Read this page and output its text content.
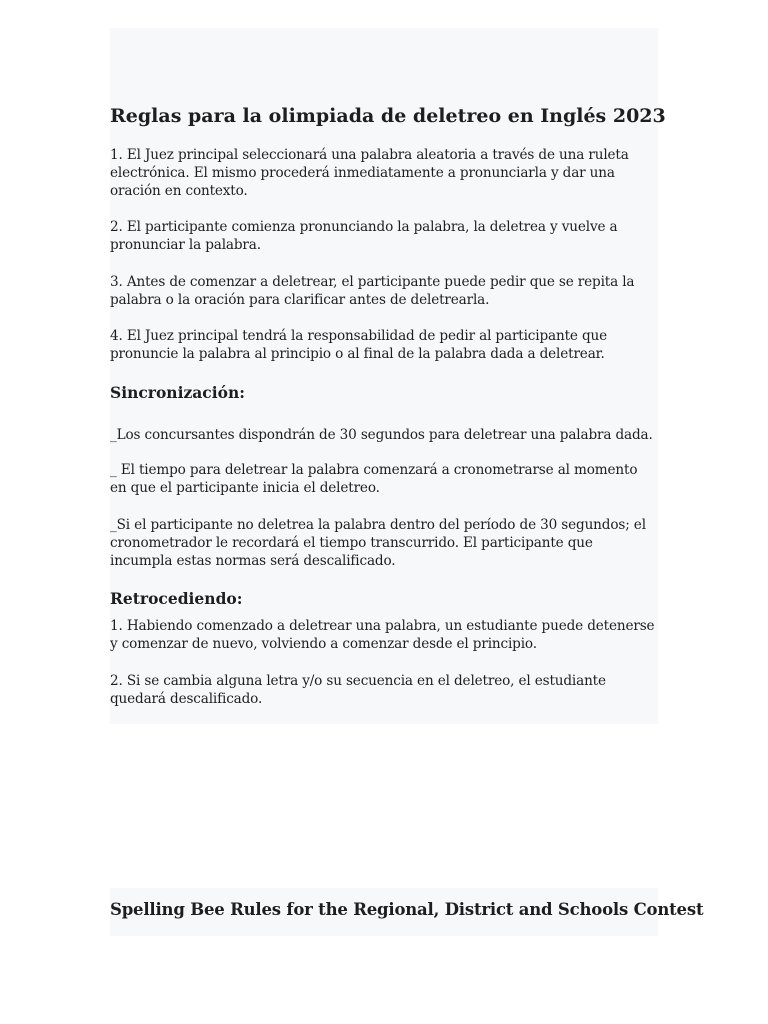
Reglas para la olimpiada de deletreo en Inglés 2023

1. El Juez principal seleccionará una palabra aleatoria a través de una ruleta electrónica. El mismo procederá inmediatamente a pronunciarla y dar una oración en contexto.

2. El participante comienza pronunciando la palabra, la deletrea y vuelve a pronunciar la palabra.

3. Antes de comenzar a deletrear, el participante puede pedir que se repita la palabra o la oración para clarificar antes de deletrearla.

4. El Juez principal tendrá la responsabilidad de pedir al participante que pronuncie la palabra al principio o al final de la palabra dada a deletrear.

Sincronización:

_Los concursantes dispondrán de 30 segundos para deletrear una palabra dada.

_ El tiempo para deletrear la palabra comenzará a cronometrarse al momento en que el participante inicia el deletreo.

_Si el participante no deletrea la palabra dentro del período de 30 segundos; el cronometrador le recordará el tiempo transcurrido. El participante que incumpla estas normas será descalificado.

Retrocediendo:

1. Habiendo comenzado a deletrear una palabra, un estudiante puede detenerse y comenzar de nuevo, volviendo a comenzar desde el principio.

2. Si se cambia alguna letra y/o su secuencia en el deletreo, el estudiante quedará descalificado.

Spelling Bee Rules for the Regional, District and Schools Contest
